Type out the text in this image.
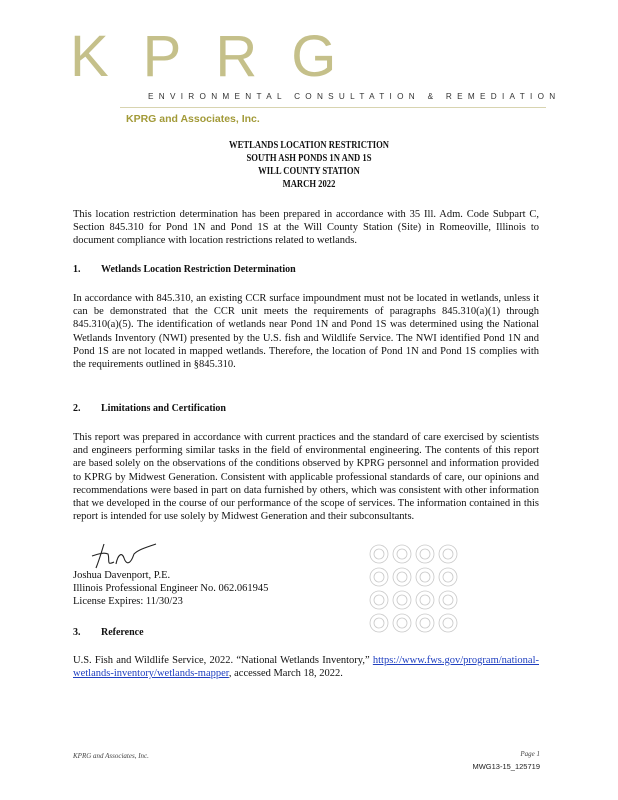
KPRG
ENVIRONMENTAL CONSULTATION & REMEDIATION
KPRG and Associates, Inc.
WETLANDS LOCATION RESTRICTION
SOUTH ASH PONDS 1N AND 1S
WILL COUNTY STATION
MARCH 2022

This location restriction determination has been prepared in accordance with 35 Ill. Adm. Code Subpart C, Section 845.310 for Pond 1N and Pond 1S at the Will County Station (Site) in Romeoville, Illinois to document compliance with location restrictions related to wetlands.

1. Wetlands Location Restriction Determination

In accordance with 845.310, an existing CCR surface impoundment must not be located in wetlands, unless it can be demonstrated that the CCR unit meets the requirements of paragraphs 845.310(a)(1) through 845.310(a)(5). The identification of wetlands near Pond 1N and Pond 1S was determined using the National Wetlands Inventory (NWI) presented by the U.S. fish and Wildlife Service. The NWI identified Pond 1N and Pond 1S are not located in mapped wetlands. Therefore, the location of Pond 1N and Pond 1S complies with the requirements outlined in §845.310.

2. Limitations and Certification

This report was prepared in accordance with current practices and the standard of care exercised by scientists and engineers performing similar tasks in the field of environmental engineering. The contents of this report are based solely on the observations of the conditions observed by KPRG personnel and information provided to KPRG by Midwest Generation. Consistent with applicable professional standards of care, our opinions and recommendations were based in part on data furnished by others, which was consistent with other information that we developed in the course of our performance of the scope of services. The information contained in this report is intended for use solely by Midwest Generation and their subconsultants.

Joshua Davenport, P.E.
Illinois Professional Engineer No. 062.061945
License Expires: 11/30/23
3. Reference

U.S. Fish and Wildlife Service, 2022. “National Wetlands Inventory,” https://www.fws.gov/program/national-wetlands-inventory/wetlands-mapper, accessed March 18, 2022.

KPRG and Associates, Inc.	Page 1
MWG13-15_125719
